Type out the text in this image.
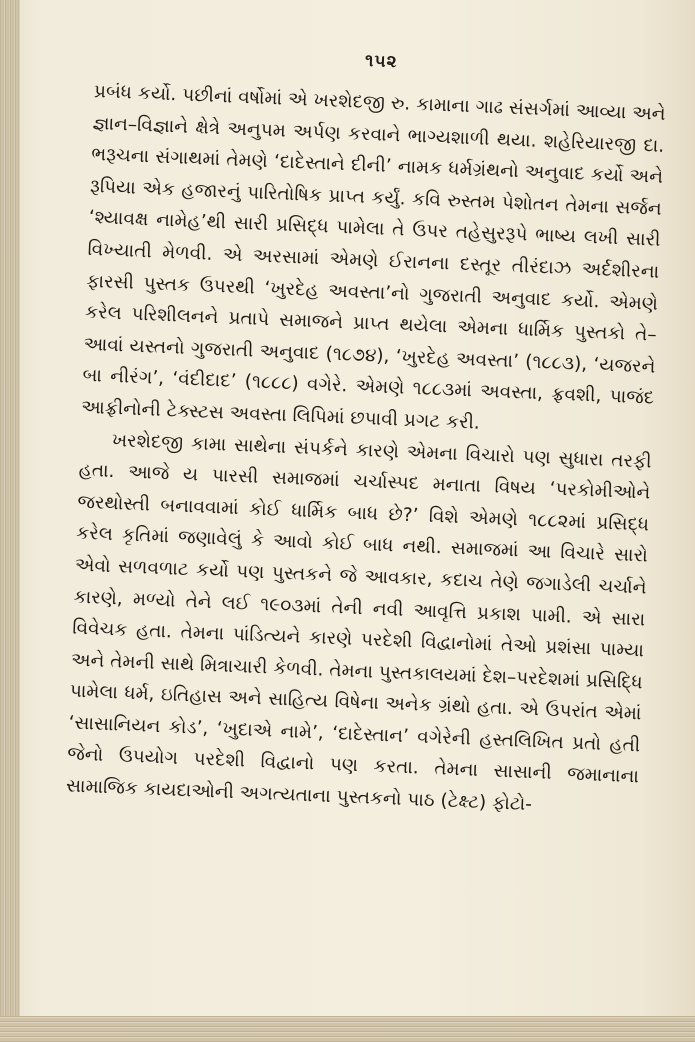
૧૫૨

પ્રબંધ કર્યો. પછીનાં વર્ષોમાં એ ખરશેદજી રુ. કામાના ગાઢ સંસર્ગમાં આવ્યા અને જ્ઞાન–વિજ્ઞાને ક્ષેત્રે અનુપમ અર્પણ કરવાને ભાગ્યશાળી થયા. શહેરિયારજી દા. ભરૂચના સંગાથમાં તેમણે ‘દાદેસ્તાને દીની’ નામક ધર્મગ્રંથનો અનુવાદ કર્યો અને રૂપિયા એક હજારનું પારિતોષિક પ્રાપ્ત કર્યું. કવિ રુસ્તમ પેશોતન તેમના સર્જન ‘શ્યાવક્ષ નામેહ’થી સારી પ્રસિદ્ધ પામેલા તે ઉપર તહેસુરરૂપે ભાષ્ય લખી સારી વિખ્યાતી મેળવી. એ અરસામાં એમણે ઈરાનના દસ્તૂર તીરંદાઝ અર્દશીરના ફારસી પુસ્તક ઉપરથી ‘ખુરદેહ અવસ્તા’નો ગુજરાતી અનુવાદ કર્યો. એમણે કરેલ પરિશીલનને પ્રતાપે સમાજને પ્રાપ્ત થયેલા એમના ધાર્મિક પુસ્તકો તે–આવાં યસ્તનો ગુજરાતી અનુવાદ (૧૮૭૪), ‘ખુરદેહ અવસ્તા’ (૧૮૮૩), ‘યજરને બા નીરંગ’, ‘વંદીદાદ’ (૧૮૮૮) વગેરે. એમણે ૧૮૮૩માં અવસ્તા, ફ્રવશી, પાજંદ આફ્રીનોની ટેક્સ્ટસ અવસ્તા લિપિમાં છપાવી પ્રગટ કરી.

ખરશેદજી કામા સાથેના સંપર્કને કારણે એમના વિચારો પણ સુધારા તરફી હતા. આજે ય પારસી સમાજમાં ચર્ચાસ્પદ મનાતા વિષય ‘પરકોમીઓને જરથોસ્તી બનાવવામાં કોઈ ધાર્મિક બાધ છે?’ વિશે એમણે ૧૮૮૨માં પ્રસિદ્ધ કરેલ કૃતિમાં જણાવેલું કે આવો કોઈ બાધ નથી. સમાજમાં આ વિચારે સારો એવો સળવળાટ કર્યો પણ પુસ્તકને જે આવકાર, કદાચ તેણે જગાડેલી ચર્ચાને કારણે, મળ્યો તેને લઈ ૧૯૦૩માં તેની નવી આવૃત્તિ પ્રકાશ પામી. એ સારા વિવેચક હતા. તેમના પાંડિત્યને કારણે પરદેશી વિદ્વાનોમાં તેઓ પ્રશંસા પામ્યા અને તેમની સાથે મિત્રાચારી કેળવી. તેમના પુસ્તકાલયમાં દેશ–પરદેશમાં પ્રસિદ્ધિ પામેલા ધર્મ, ઇતિહાસ અને સાહિત્ય વિષેના અનેક ગ્રંથો હતા. એ ઉપરાંત એમાં ‘સાસાનિયન કોડ’, ‘ખુદાએ નામે’, ‘દાદેસ્તાન’ વગેરેની હસ્તલિખિત પ્રતો હતી જેનો ઉપયોગ પરદેશી વિદ્વાનો પણ કરતા. તેમના સાસાની જમાનાના સામાજિક કાયદાઓની અગત્યતાના પુસ્તકનો પાઠ (ટેક્ષ્ટ) ફોટો-
